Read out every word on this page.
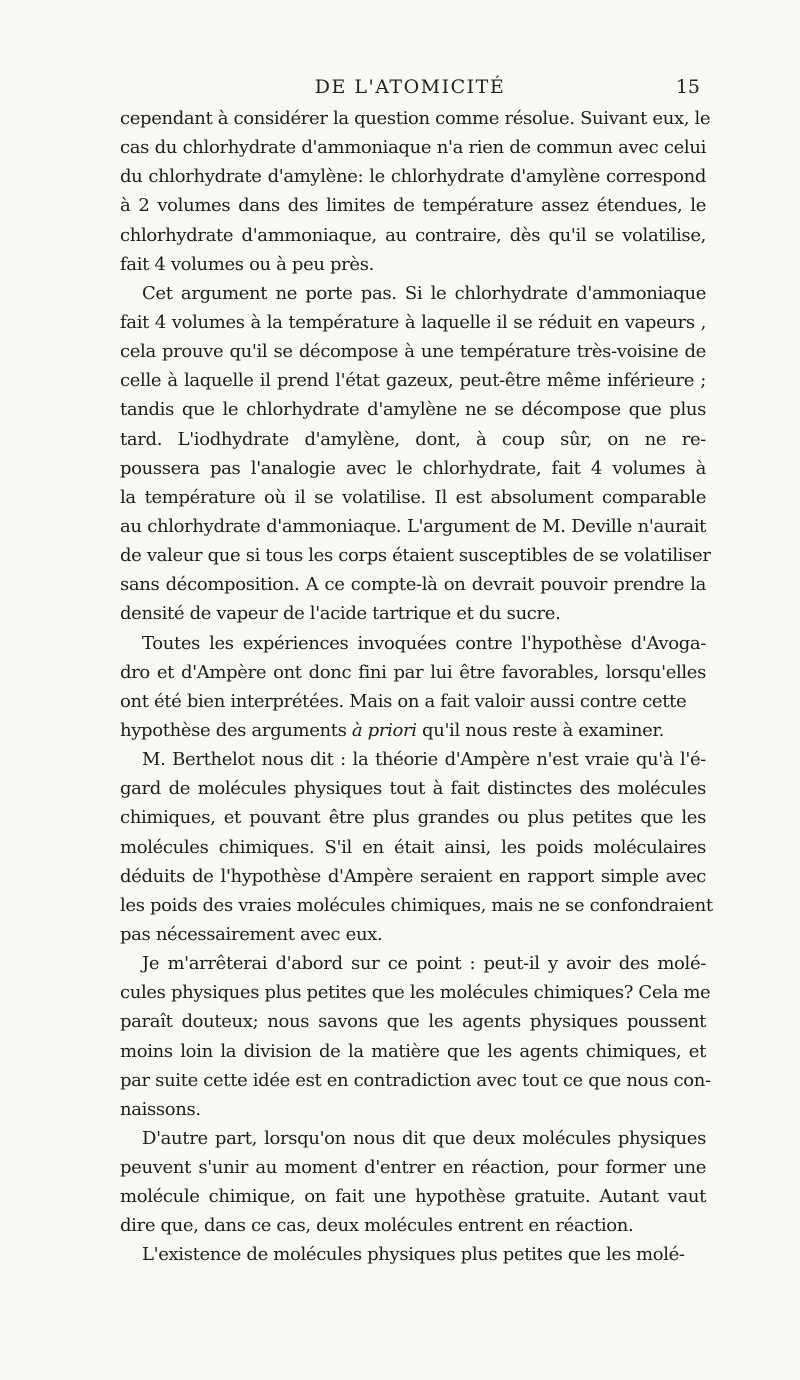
DE L'ATOMICITÉ	15
cependant à considérer la question comme résolue. Suivant eux, le
cas du chlorhydrate d'ammoniaque n'a rien de commun avec celui
du chlorhydrate d'amylène: le chlorhydrate d'amylène correspond
à 2 volumes dans des limites de température assez étendues, le
chlorhydrate d'ammoniaque, au contraire, dès qu'il se volatilise,
fait 4 volumes ou à peu près.
Cet argument ne porte pas. Si le chlorhydrate d'ammoniaque
fait 4 volumes à la température à laquelle il se réduit en vapeurs ,
cela prouve qu'il se décompose à une température très-voisine de
celle à laquelle il prend l'état gazeux, peut-être même inférieure ;
tandis que le chlorhydrate d'amylène ne se décompose que plus
tard. L'iodhydrate d'amylène, dont, à coup sûr, on ne re-
poussera pas l'analogie avec le chlorhydrate, fait 4 volumes à
la température où il se volatilise. Il est absolument comparable
au chlorhydrate d'ammoniaque. L'argument de M. Deville n'aurait
de valeur que si tous les corps étaient susceptibles de se volatiliser
sans décomposition. A ce compte-là on devrait pouvoir prendre la
densité de vapeur de l'acide tartrique et du sucre.
Toutes les expériences invoquées contre l'hypothèse d'Avoga-
dro et d'Ampère ont donc fini par lui être favorables, lorsqu'elles
ont été bien interprétées. Mais on a fait valoir aussi contre cette
hypothèse des arguments à priori qu'il nous reste à examiner.
M. Berthelot nous dit : la théorie d'Ampère n'est vraie qu'à l'é-
gard de molécules physiques tout à fait distinctes des molécules
chimiques, et pouvant être plus grandes ou plus petites que les
molécules chimiques. S'il en était ainsi, les poids moléculaires
déduits de l'hypothèse d'Ampère seraient en rapport simple avec
les poids des vraies molécules chimiques, mais ne se confondraient
pas nécessairement avec eux.
Je m'arrêterai d'abord sur ce point : peut-il y avoir des molé-
cules physiques plus petites que les molécules chimiques? Cela me
paraît douteux; nous savons que les agents physiques poussent
moins loin la division de la matière que les agents chimiques, et
par suite cette idée est en contradiction avec tout ce que nous con-
naissons.
D'autre part, lorsqu'on nous dit que deux molécules physiques
peuvent s'unir au moment d'entrer en réaction, pour former une
molécule chimique, on fait une hypothèse gratuite. Autant vaut
dire que, dans ce cas, deux molécules entrent en réaction.
L'existence de molécules physiques plus petites que les molé-
